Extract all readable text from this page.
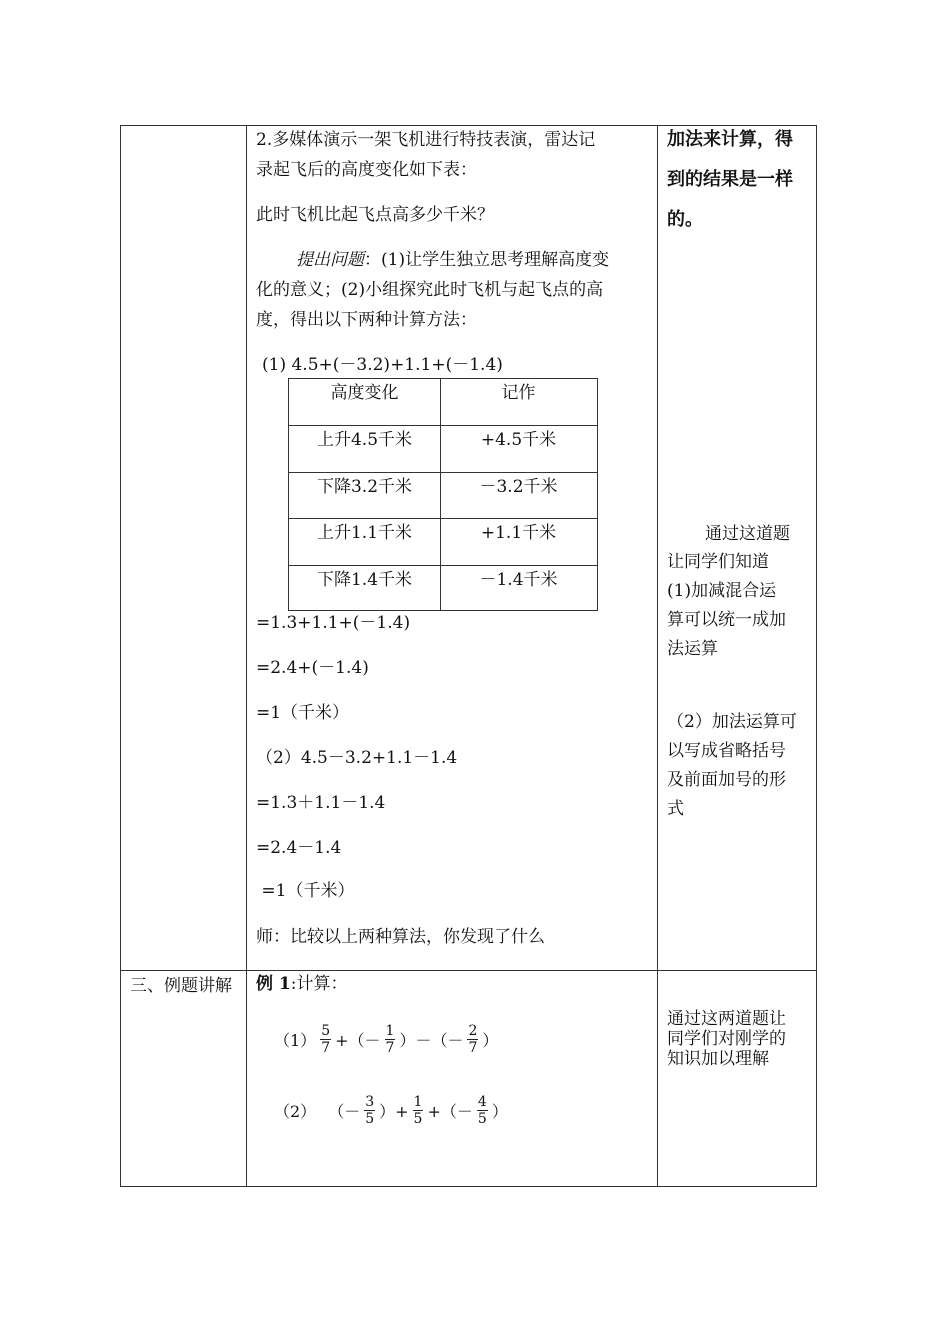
2.多媒体演示一架飞机进行特技表演，雷达记
录起飞后的高度变化如下表：
此时飞机比起飞点高多少千米？
提出问题：(1)让学生独立思考理解高度变
化的意义；(2)小组探究此时飞机与起飞点的高
度，得出以下两种计算方法：
(1) 4.5+(－3.2)+1.1+(－1.4)
高度变化	记作
上升4.5千米	+4.5千米
下降3.2千米	－3.2千米
上升1.1千米	+1.1千米
下降1.4千米	－1.4千米
=1.3+1.1+(－1.4)
=2.4+(－1.4)
=1（千米）
（2）4.5－3.2+1.1－1.4
=1.3＋1.1－1.4
=2.4－1.4
=1（千米）
师：比较以上两种算法，你发现了什么
加法来计算，得
到的结果是一样
的。
通过这道题
让同学们知道
(1)加减混合运
算可以统一成加
法运算
（2）加法运算可
以写成省略括号
及前面加号的形
式
三、例题讲解 例 1:计算：
$(1) \frac{5}{7}$ +（－ $\frac{1}{7}$ ）－（－ $\frac{2}{7}$ ）
（2） （－ $\frac{3}{5}$ ）+ $\frac{1}{5}$ +（－ $\frac{4}{5}$ ）
通过这两道题让
同学们对刚学的
知识加以理解
